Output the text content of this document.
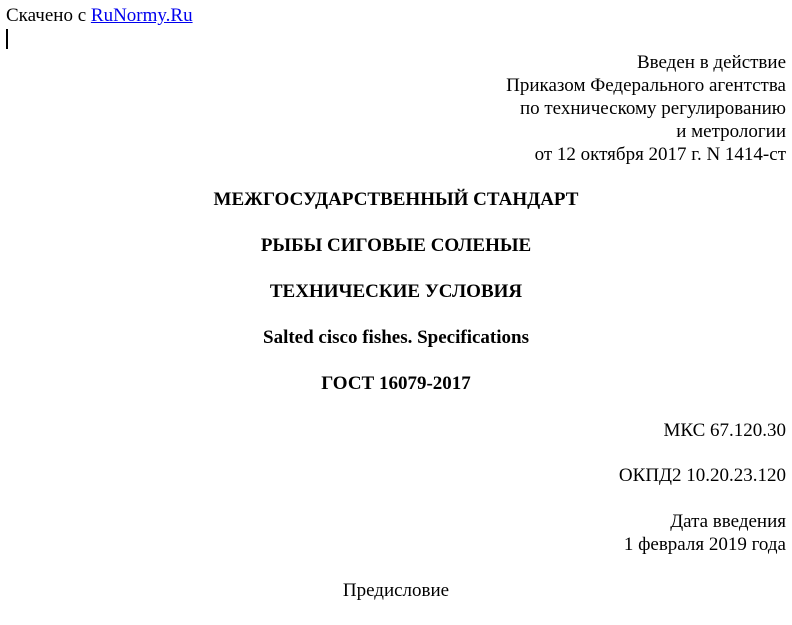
Скачено с RuNormy.Ru
Введен в действие
Приказом Федерального агентства
по техническому регулированию
и метрологии
от 12 октября 2017 г. N 1414-ст
МЕЖГОСУДАРСТВЕННЫЙ СТАНДАРТ
РЫБЫ СИГОВЫЕ СОЛЕНЫЕ
ТЕХНИЧЕСКИЕ УСЛОВИЯ
Salted cisco fishes. Specifications
ГОСТ 16079-2017
МКС 67.120.30
ОКПД2 10.20.23.120
Дата введения
1 февраля 2019 года
Предисловие
